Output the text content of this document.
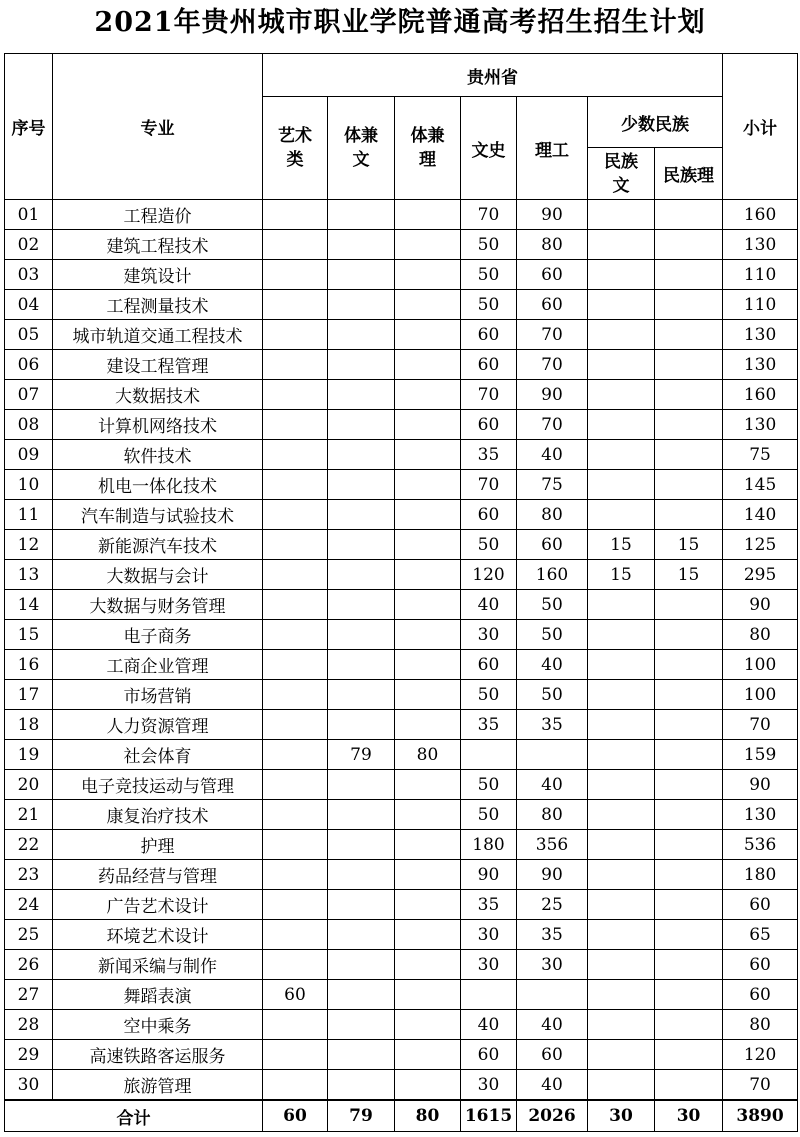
2021年贵州城市职业学院普通高考招生招生计划
序号	专业	贵州省							小计

		艺术类	体兼文	体兼理	文史	理工	少数民族		

							民族文	民族理	
01	工程造价				70	90			160
02	建筑工程技术				50	80			130
03	建筑设计				50	60			110
04	工程测量技术				50	60			110
05	城市轨道交通工程技术				60	70			130
06	建设工程管理				60	70			130
07	大数据技术				70	90			160
08	计算机网络技术				60	70			130
09	软件技术				35	40			75
10	机电一体化技术				70	75			145
11	汽车制造与试验技术				60	80			140
12	新能源汽车技术				50	60	15	15	125
13	大数据与会计				120	160	15	15	295
14	大数据与财务管理				40	50			90
15	电子商务				30	50			80
16	工商企业管理				60	40			100
17	市场营销				50	50			100
18	人力资源管理				35	35			70
19	社会体育		79	80					159
20	电子竞技运动与管理				50	40			90
21	康复治疗技术				50	80			130
22	护理				180	356			536
23	药品经营与管理				90	90			180
24	广告艺术设计				35	25			60
25	环境艺术设计				30	35			65
26	新闻采编与制作				30	30			60
27	舞蹈表演	60							60
28	空中乘务				40	40			80
29	高速铁路客运服务				60	60			120
30	旅游管理				30	40			70
合计		60	79	80	1615	2026	30	30	3890
